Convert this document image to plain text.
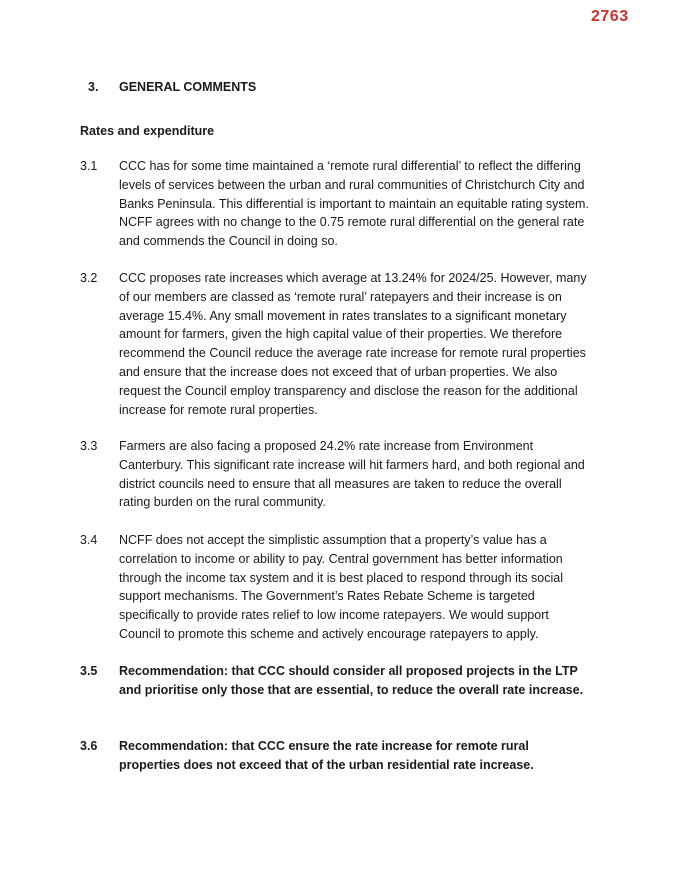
2763
3. GENERAL COMMENTS
Rates and expenditure
3.1	CCC has for some time maintained a ‘remote rural differential’ to reflect the differing levels of services between the urban and rural communities of Christchurch City and Banks Peninsula. This differential is important to maintain an equitable rating system. NCFF agrees with no change to the 0.75 remote rural differential on the general rate and commends the Council in doing so.
3.2	CCC proposes rate increases which average at 13.24% for 2024/25. However, many of our members are classed as ‘remote rural’ ratepayers and their increase is on average 15.4%. Any small movement in rates translates to a significant monetary amount for farmers, given the high capital value of their properties. We therefore recommend the Council reduce the average rate increase for remote rural properties and ensure that the increase does not exceed that of urban properties. We also request the Council employ transparency and disclose the reason for the additional increase for remote rural properties.
3.3	Farmers are also facing a proposed 24.2% rate increase from Environment Canterbury. This significant rate increase will hit farmers hard, and both regional and district councils need to ensure that all measures are taken to reduce the overall rating burden on the rural community.
3.4	NCFF does not accept the simplistic assumption that a property’s value has a correlation to income or ability to pay. Central government has better information through the income tax system and it is best placed to respond through its social support mechanisms. The Government’s Rates Rebate Scheme is targeted specifically to provide rates relief to low income ratepayers. We would support Council to promote this scheme and actively encourage ratepayers to apply.
3.5	Recommendation: that CCC should consider all proposed projects in the LTP and prioritise only those that are essential, to reduce the overall rate increase.
3.6	Recommendation: that CCC ensure the rate increase for remote rural properties does not exceed that of the urban residential rate increase.
